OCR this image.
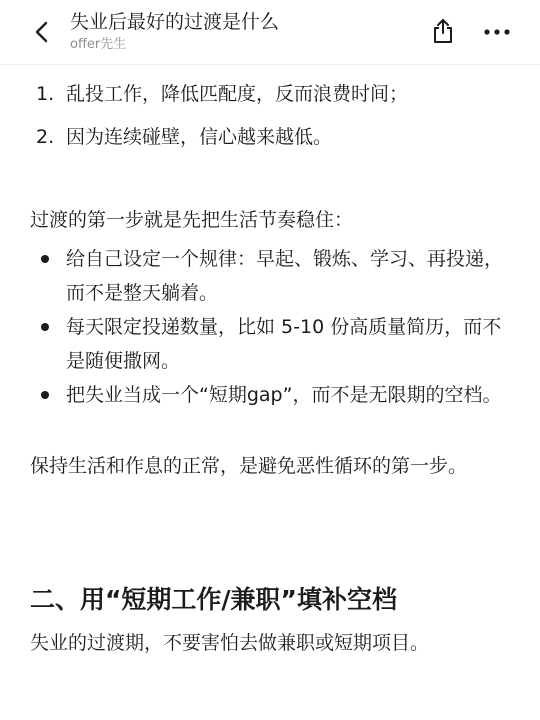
失业后最好的过渡是什么
offer先生
1. 乱投工作，降低匹配度，反而浪费时间；
2. 因为连续碰壁，信心越来越低。

过渡的第一步就是先把生活节奏稳住：

给自己设定一个规律：早起、锻炼、学习、再投递，而不是整天躺着。
每天限定投递数量，比如 5-10 份高质量简历，而不是随便撒网。
把失业当成一个“短期gap”，而不是无限期的空档。

保持生活和作息的正常，是避免恶性循环的第一步。

二、用“短期工作/兼职”填补空档

失业的过渡期，不要害怕去做兼职或短期项目。
